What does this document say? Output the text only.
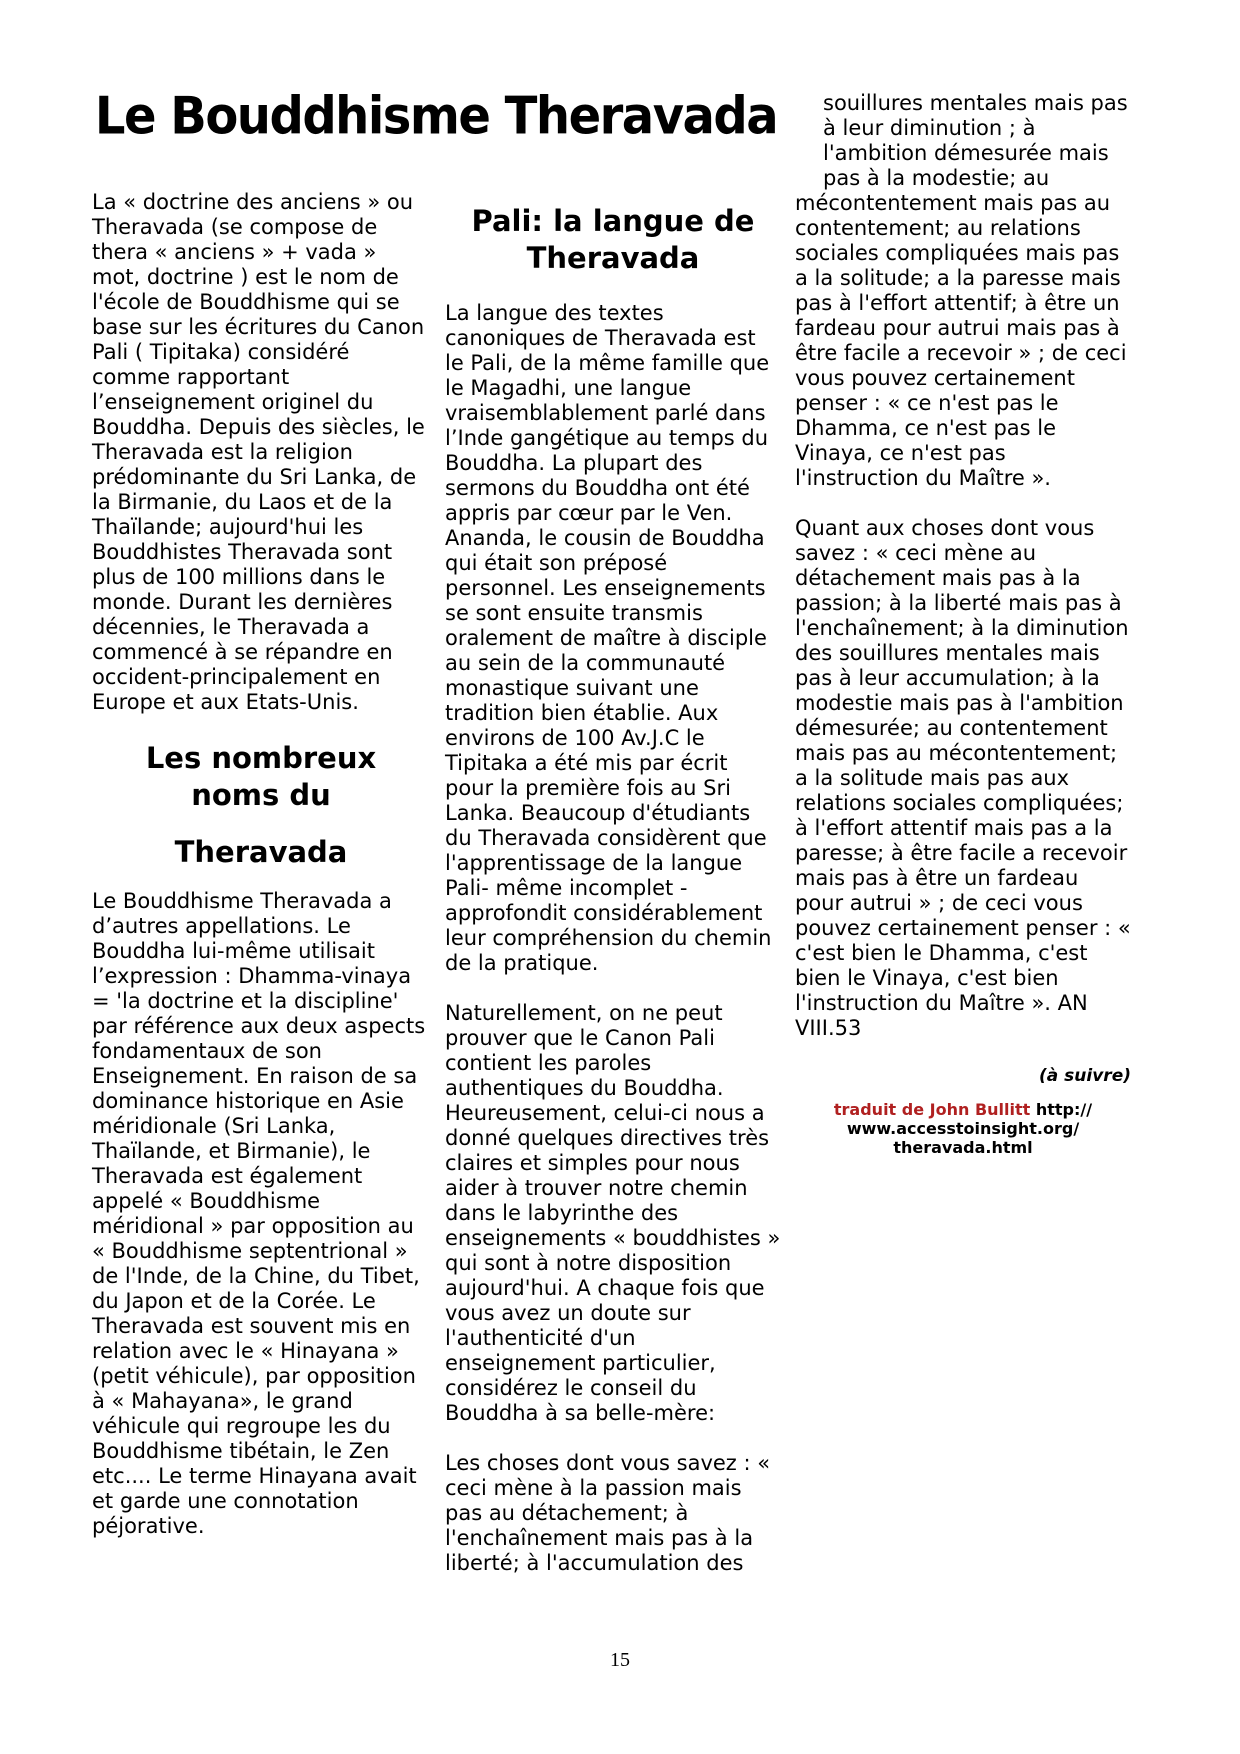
Le Bouddhisme Theravada

La « doctrine des anciens » ou Theravada (se compose de thera « anciens » + vada » mot, doctrine ) est le nom de l'école de Bouddhisme qui se base sur les écritures du Canon Pali ( Tipitaka) considéré comme rapportant l’enseignement originel du Bouddha. Depuis des siècles, le Theravada est la religion prédominante du Sri Lanka, de la Birmanie, du Laos et de la Thaïlande; aujourd'hui les Bouddhistes Theravada sont plus de 100 millions dans le monde. Durant les dernières décennies, le Theravada a commencé à se répandre en occident-principalement en Europe et aux Etats-Unis.

Les nombreux noms du
Theravada

Le Bouddhisme Theravada a d’autres appellations. Le Bouddha lui-même utilisait l’expression : Dhamma-vinaya = 'la doctrine et la discipline' par référence aux deux aspects fondamentaux de son Enseignement. En raison de sa dominance historique en Asie méridionale (Sri Lanka, Thaïlande, et Birmanie), le Theravada est également appelé « Bouddhisme méridional » par opposition au « Bouddhisme septentrional » de l'Inde, de la Chine, du Tibet, du Japon et de la Corée. Le Theravada est souvent mis en relation avec le « Hinayana » (petit véhicule), par opposition à « Mahayana», le grand véhicule qui regroupe les du Bouddhisme tibétain, le Zen etc.... Le terme Hinayana avait et garde une connotation péjorative.

Pali: la langue de Theravada

La langue des textes canoniques de Theravada est le Pali, de la même famille que le Magadhi, une langue vraisemblablement parlé dans l’Inde gangétique au temps du Bouddha. La plupart des sermons du Bouddha ont été appris par cœur par le Ven. Ananda, le cousin de Bouddha qui était son préposé personnel. Les enseignements se sont ensuite transmis oralement de maître à disciple au sein de la communauté monastique suivant une tradition bien établie. Aux environs de 100 Av.J.C le Tipitaka a été mis par écrit pour la première fois au Sri Lanka. Beaucoup d'étudiants du Theravada considèrent que l'apprentissage de la langue Pali- même incomplet -approfondit considérablement leur compréhension du chemin de la pratique.

Naturellement, on ne peut prouver que le Canon Pali contient les paroles authentiques du Bouddha. Heureusement, celui-ci nous a donné quelques directives très claires et simples pour nous aider à trouver notre chemin dans le labyrinthe des enseignements « bouddhistes » qui sont à notre disposition aujourd'hui. A chaque fois que vous avez un doute sur l'authenticité d'un enseignement particulier, considérez le conseil du Bouddha à sa belle-mère:

Les choses dont vous savez : « ceci mène à la passion mais pas au détachement; à l'enchaînement mais pas à la liberté; à l'accumulation des

souillures mentales mais pas à leur diminution ; à l'ambition démesurée mais pas à la modestie; au

mécontentement mais pas au contentement; au relations sociales compliquées mais pas a la solitude; a la paresse mais pas à l'effort attentif; à être un fardeau pour autrui mais pas à être facile a recevoir » ; de ceci vous pouvez certainement penser : « ce n'est pas le Dhamma, ce n'est pas le Vinaya, ce n'est pas l'instruction du Maître ».

Quant aux choses dont vous savez : « ceci mène au détachement mais pas à la passion; à la liberté mais pas à l'enchaînement; à la diminution des souillures mentales mais pas à leur accumulation; à la modestie mais pas à l'ambition démesurée; au contentement mais pas au mécontentement; a la solitude mais pas aux relations sociales compliquées; à l'effort attentif mais pas a la paresse; à être facile a recevoir mais pas à être un fardeau pour autrui » ; de ceci vous pouvez certainement penser : « c'est bien le Dhamma, c'est bien le Vinaya, c'est bien l'instruction du Maître ». AN VIII.53

(à suivre)
traduit de John Bullitt http://
www.accesstoinsight.org/
theravada.html
15
